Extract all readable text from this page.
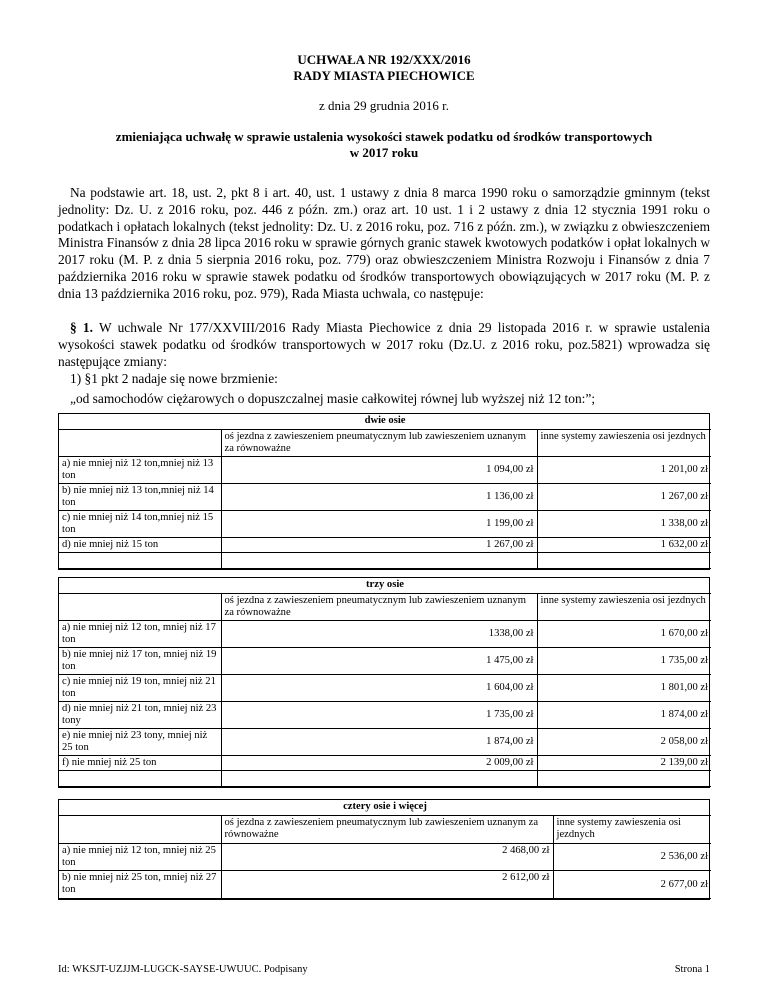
UCHWAŁA NR 192/XXX/2016
RADY MIASTA PIECHOWICE
z dnia 29 grudnia 2016 r.
zmieniająca uchwałę w sprawie ustalenia wysokości stawek podatku od środków transportowych
w 2017 roku
Na podstawie art. 18, ust. 2, pkt 8 i art. 40, ust. 1 ustawy z dnia 8 marca 1990 roku o samorządzie gminnym (tekst jednolity: Dz. U. z 2016 roku, poz. 446 z późn. zm.) oraz art. 10 ust. 1 i 2 ustawy z dnia 12 stycznia 1991 roku o podatkach i opłatach lokalnych (tekst jednolity: Dz. U. z 2016 roku, poz. 716 z późn. zm.), w związku z obwieszczeniem Ministra Finansów z dnia 28 lipca 2016 roku w sprawie górnych granic stawek kwotowych podatków i opłat lokalnych w 2017 roku (M. P. z dnia 5 sierpnia 2016 roku, poz. 779) oraz obwieszczeniem Ministra Rozwoju i Finansów z dnia 7 października 2016 roku w sprawie stawek podatku od środków transportowych obowiązujących w 2017 roku (M. P. z dnia 13 października 2016 roku, poz. 979), Rada Miasta uchwala, co następuje:
§ 1. W uchwale Nr 177/XXVIII/2016 Rady Miasta Piechowice z dnia 29 listopada 2016 r. w sprawie ustalenia wysokości stawek podatku od środków transportowych w 2017 roku (Dz.U. z 2016 roku, poz.5821) wprowadza się następujące zmiany:
1) §1 pkt 2 nadaje się nowe brzmienie:
„od samochodów ciężarowych o dopuszczalnej masie całkowitej równej lub wyższej niż 12 ton:”;
dwie osie		
	oś jezdna z zawieszeniem pneumatycznym lub zawieszeniem uznanym za równoważne	inne systemy zawieszenia osi jezdnych
a) nie mniej niż 12 ton,mniej niż 13 ton	1 094,00 zł	1 201,00 zł
b) nie mniej niż 13 ton,mniej niż 14 ton	1 136,00 zł	1 267,00 zł
c) nie mniej niż 14 ton,mniej niż 15 ton	1 199,00 zł	1 338,00 zł
d) nie mniej niż 15 ton	1 267,00 zł	1 632,00 zł

trzy osie		
	oś jezdna z zawieszeniem pneumatycznym lub zawieszeniem uznanym za równoważne	inne systemy zawieszenia osi jezdnych
a) nie mniej niż 12 ton, mniej niż 17 ton	1338,00 zł	1 670,00 zł
b) nie mniej niż 17 ton, mniej niż 19 ton	1 475,00 zł	1 735,00 zł
c) nie mniej niż 19 ton, mniej niż 21 ton	1 604,00 zł	1 801,00 zł
d) nie mniej niż 21 ton, mniej niż 23 tony	1 735,00 zł	1 874,00 zł
e) nie mniej niż 23 tony, mniej niż 25 ton	1 874,00 zł	2 058,00 zł
f) nie mniej niż 25 ton	2 009,00 zł	2 139,00 zł

cztery osie i więcej		
	oś jezdna z zawieszeniem pneumatycznym lub zawieszeniem uznanym za równoważne	inne systemy zawieszenia osi jezdnych
a) nie mniej niż 12 ton, mniej niż 25 ton	2 468,00 zł	2 536,00 zł
b) nie mniej niż 25 ton, mniej niż 27 ton	2 612,00 zł	2 677,00 zł
Id: WKSJT-UZJJM-LUGCK-SAYSE-UWUUC. Podpisany	Strona 1
